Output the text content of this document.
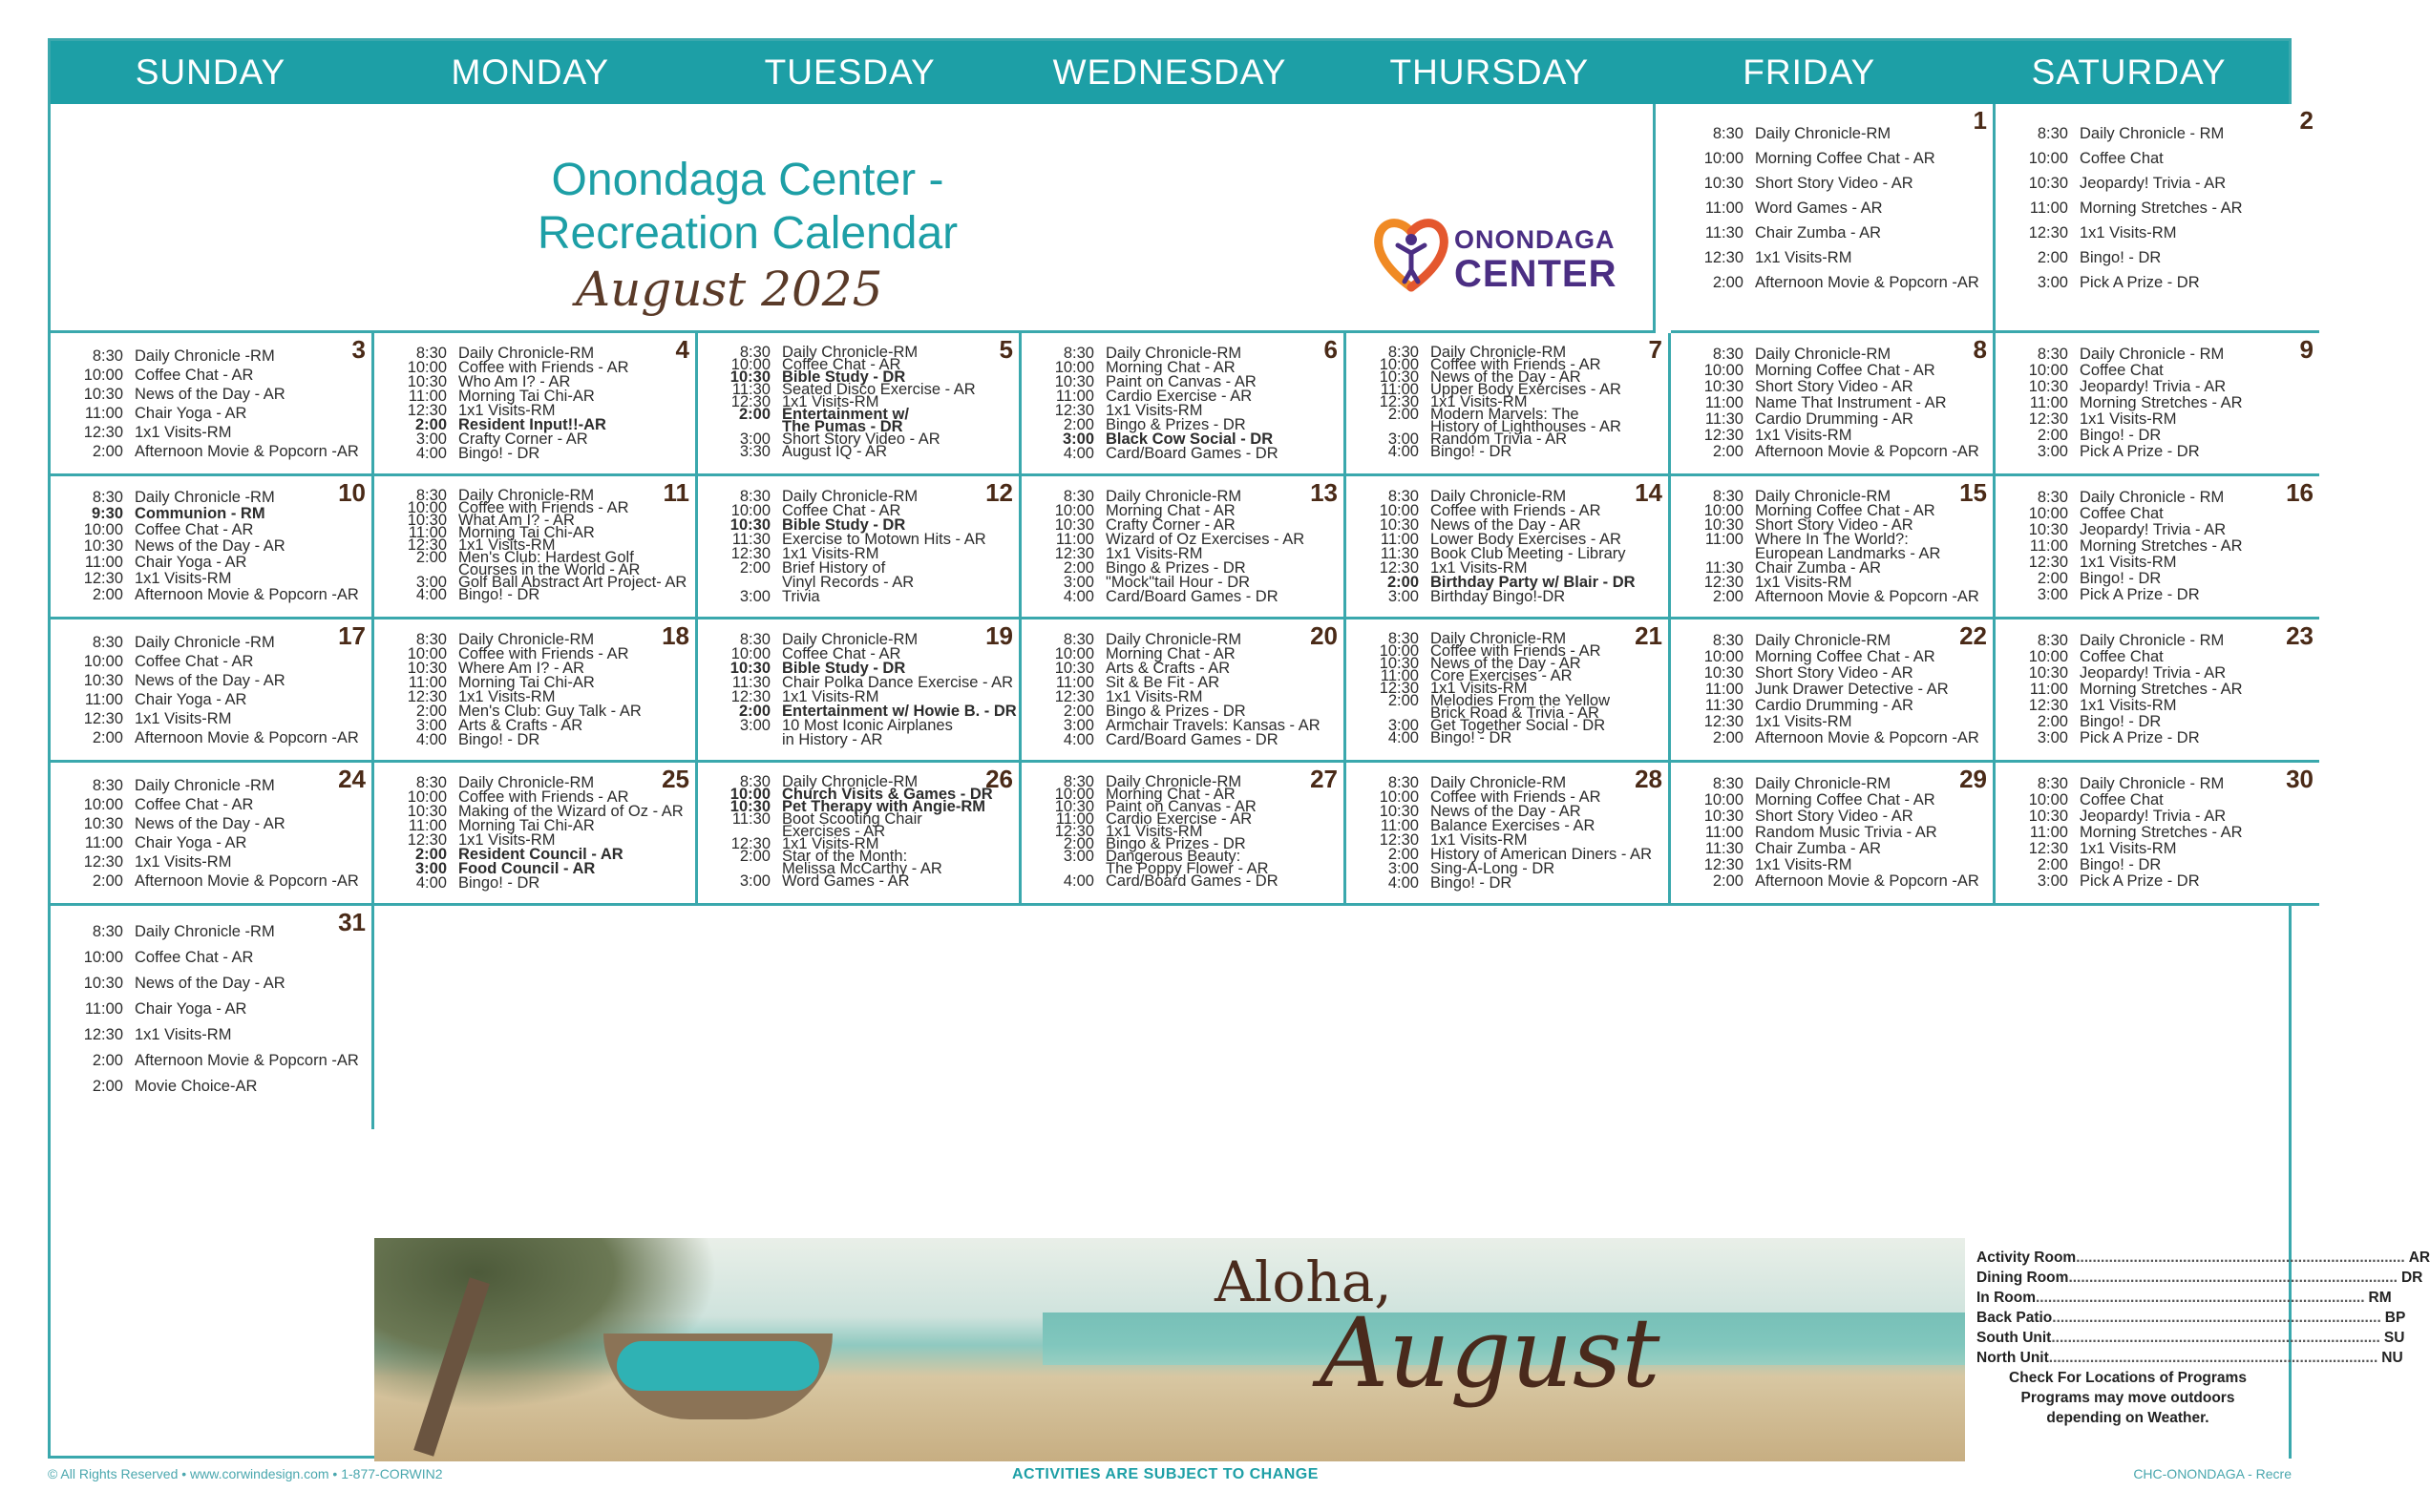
SUNDAY	MONDAY	TUESDAY	WEDNESDAY	THURSDAY	FRIDAY	SATURDAY
Onondaga Center -
Recreation Calendar
August 2025
ONONDAGA
CENTER
1
8:30 Daily Chronicle-RM
10:00 Morning Coffee Chat - AR
10:30 Short Story Video - AR
11:00 Word Games - AR
11:30 Chair Zumba - AR
12:30 1x1 Visits-RM
2:00 Afternoon Movie & Popcorn -AR
2
8:30 Daily Chronicle - RM
10:00 Coffee Chat
10:30 Jeopardy! Trivia - AR
11:00 Morning Stretches - AR
12:30 1x1 Visits-RM
2:00 Bingo! - DR
3:00 Pick A Prize - DR
3
8:30 Daily Chronicle -RM
10:00 Coffee Chat - AR
10:30 News of the Day - AR
11:00 Chair Yoga - AR
12:30 1x1 Visits-RM
2:00 Afternoon Movie & Popcorn -AR
4
8:30 Daily Chronicle-RM
10:00 Coffee with Friends - AR
10:30 Who Am I? - AR
11:00 Morning Tai Chi-AR
12:30 1x1 Visits-RM
2:00 Resident Input!!-AR
3:00 Crafty Corner - AR
4:00 Bingo! - DR
5
8:30 Daily Chronicle-RM
10:00 Coffee Chat - AR
10:30 Bible Study - DR
11:30 Seated Disco Exercise - AR
12:30 1x1 Visits-RM
2:00 Entertainment w/
The Pumas - DR
3:00 Short Story Video - AR
3:30 August IQ - AR
6
8:30 Daily Chronicle-RM
10:00 Morning Chat - AR
10:30 Paint on Canvas - AR
11:00 Cardio Exercise - AR
12:30 1x1 Visits-RM
2:00 Bingo & Prizes - DR
3:00 Black Cow Social - DR
4:00 Card/Board Games - DR
7
8:30 Daily Chronicle-RM
10:00 Coffee with Friends - AR
10:30 News of the Day - AR
11:00 Upper Body Exercises - AR
12:30 1x1 Visits-RM
2:00 Modern Marvels: The
History of Lighthouses - AR
3:00 Random Trivia - AR
4:00 Bingo! - DR
8
8:30 Daily Chronicle-RM
10:00 Morning Coffee Chat - AR
10:30 Short Story Video - AR
11:00 Name That Instrument - AR
11:30 Cardio Drumming - AR
12:30 1x1 Visits-RM
2:00 Afternoon Movie & Popcorn -AR
9
8:30 Daily Chronicle - RM
10:00 Coffee Chat
10:30 Jeopardy! Trivia - AR
11:00 Morning Stretches - AR
12:30 1x1 Visits-RM
2:00 Bingo! - DR
3:00 Pick A Prize - DR
10
8:30 Daily Chronicle -RM
9:30 Communion - RM
10:00 Coffee Chat - AR
10:30 News of the Day - AR
11:00 Chair Yoga - AR
12:30 1x1 Visits-RM
2:00 Afternoon Movie & Popcorn -AR
11
8:30 Daily Chronicle-RM
10:00 Coffee with Friends - AR
10:30 What Am I? - AR
11:00 Morning Tai Chi-AR
12:30 1x1 Visits-RM
2:00 Men's Club: Hardest Golf
Courses in the World - AR
3:00 Golf Ball Abstract Art Project- AR
4:00 Bingo! - DR
12
8:30 Daily Chronicle-RM
10:00 Coffee Chat - AR
10:30 Bible Study - DR
11:30 Exercise to Motown Hits - AR
12:30 1x1 Visits-RM
2:00 Brief History of
Vinyl Records - AR
3:00 Trivia
13
8:30 Daily Chronicle-RM
10:00 Morning Chat - AR
10:30 Crafty Corner - AR
11:00 Wizard of Oz Exercises - AR
12:30 1x1 Visits-RM
2:00 Bingo & Prizes - DR
3:00 "Mock"tail Hour - DR
4:00 Card/Board Games - DR
14
8:30 Daily Chronicle-RM
10:00 Coffee with Friends - AR
10:30 News of the Day - AR
11:00 Lower Body Exercises - AR
11:30 Book Club Meeting - Library
12:30 1x1 Visits-RM
2:00 Birthday Party w/ Blair - DR
3:00 Birthday Bingo!-DR
15
8:30 Daily Chronicle-RM
10:00 Morning Coffee Chat - AR
10:30 Short Story Video - AR
11:00 Where In The World?:
European Landmarks - AR
11:30 Chair Zumba - AR
12:30 1x1 Visits-RM
2:00 Afternoon Movie & Popcorn -AR
16
8:30 Daily Chronicle - RM
10:00 Coffee Chat
10:30 Jeopardy! Trivia - AR
11:00 Morning Stretches - AR
12:30 1x1 Visits-RM
2:00 Bingo! - DR
3:00 Pick A Prize - DR
17
8:30 Daily Chronicle -RM
10:00 Coffee Chat - AR
10:30 News of the Day - AR
11:00 Chair Yoga - AR
12:30 1x1 Visits-RM
2:00 Afternoon Movie & Popcorn -AR
18
8:30 Daily Chronicle-RM
10:00 Coffee with Friends - AR
10:30 Where Am I? - AR
11:00 Morning Tai Chi-AR
12:30 1x1 Visits-RM
2:00 Men's Club: Guy Talk - AR
3:00 Arts & Crafts - AR
4:00 Bingo! - DR
19
8:30 Daily Chronicle-RM
10:00 Coffee Chat - AR
10:30 Bible Study - DR
11:30 Chair Polka Dance Exercise - AR
12:30 1x1 Visits-RM
2:00 Entertainment w/ Howie B. - DR
3:00 10 Most Iconic Airplanes
in History - AR
20
8:30 Daily Chronicle-RM
10:00 Morning Chat - AR
10:30 Arts & Crafts - AR
11:00 Sit & Be Fit - AR
12:30 1x1 Visits-RM
2:00 Bingo & Prizes - DR
3:00 Armchair Travels: Kansas - AR
4:00 Card/Board Games - DR
21
8:30 Daily Chronicle-RM
10:00 Coffee with Friends - AR
10:30 News of the Day - AR
11:00 Core Exercises - AR
12:30 1x1 Visits-RM
2:00 Melodies From the Yellow
Brick Road & Trivia - AR
3:00 Get Together Social - DR
4:00 Bingo! - DR
22
8:30 Daily Chronicle-RM
10:00 Morning Coffee Chat - AR
10:30 Short Story Video - AR
11:00 Junk Drawer Detective - AR
11:30 Cardio Drumming - AR
12:30 1x1 Visits-RM
2:00 Afternoon Movie & Popcorn -AR
23
8:30 Daily Chronicle - RM
10:00 Coffee Chat
10:30 Jeopardy! Trivia - AR
11:00 Morning Stretches - AR
12:30 1x1 Visits-RM
2:00 Bingo! - DR
3:00 Pick A Prize - DR
24
8:30 Daily Chronicle -RM
10:00 Coffee Chat - AR
10:30 News of the Day - AR
11:00 Chair Yoga - AR
12:30 1x1 Visits-RM
2:00 Afternoon Movie & Popcorn -AR
25
8:30 Daily Chronicle-RM
10:00 Coffee with Friends - AR
10:30 Making of the Wizard of Oz - AR
11:00 Morning Tai Chi-AR
12:30 1x1 Visits-RM
2:00 Resident Council - AR
3:00 Food Council - AR
4:00 Bingo! - DR
26
8:30 Daily Chronicle-RM
10:00 Church Visits & Games - DR
10:30 Pet Therapy with Angie-RM
11:30 Boot Scooting Chair
Exercises - AR
12:30 1x1 Visits-RM
2:00 Star of the Month:
Melissa McCarthy - AR
3:00 Word Games - AR
27
8:30 Daily Chronicle-RM
10:00 Morning Chat - AR
10:30 Paint on Canvas - AR
11:00 Cardio Exercise - AR
12:30 1x1 Visits-RM
2:00 Bingo & Prizes - DR
3:00 Dangerous Beauty:
The Poppy Flower - AR
4:00 Card/Board Games - DR
28
8:30 Daily Chronicle-RM
10:00 Coffee with Friends - AR
10:30 News of the Day - AR
11:00 Balance Exercises - AR
12:30 1x1 Visits-RM
2:00 History of American Diners - AR
3:00 Sing-A-Long - DR
4:00 Bingo! - DR
29
8:30 Daily Chronicle-RM
10:00 Morning Coffee Chat - AR
10:30 Short Story Video - AR
11:00 Random Music Trivia - AR
11:30 Chair Zumba - AR
12:30 1x1 Visits-RM
2:00 Afternoon Movie & Popcorn -AR
30
8:30 Daily Chronicle - RM
10:00 Coffee Chat
10:30 Jeopardy! Trivia - AR
11:00 Morning Stretches - AR
12:30 1x1 Visits-RM
2:00 Bingo! - DR
3:00 Pick A Prize - DR
31
8:30 Daily Chronicle -RM
10:00 Coffee Chat - AR
10:30 News of the Day - AR
11:00 Chair Yoga - AR
12:30 1x1 Visits-RM
2:00 Afternoon Movie & Popcorn -AR
2:00 Movie Choice-AR
Aloha,
August
Activity Room ................................................................................ AR
Dining Room ................................................................................ DR
In Room ................................................................................ RM
Back Patio ................................................................................ BP
South Unit ................................................................................ SU
North Unit ................................................................................ NU
Check For Locations of Programs
Programs may move outdoors
depending on Weather.
© All Rights Reserved • www.corwindesign.com • 1-877-CORWIN2	ACTIVITIES ARE SUBJECT TO CHANGE	CHC-ONONDAGA - Recre
